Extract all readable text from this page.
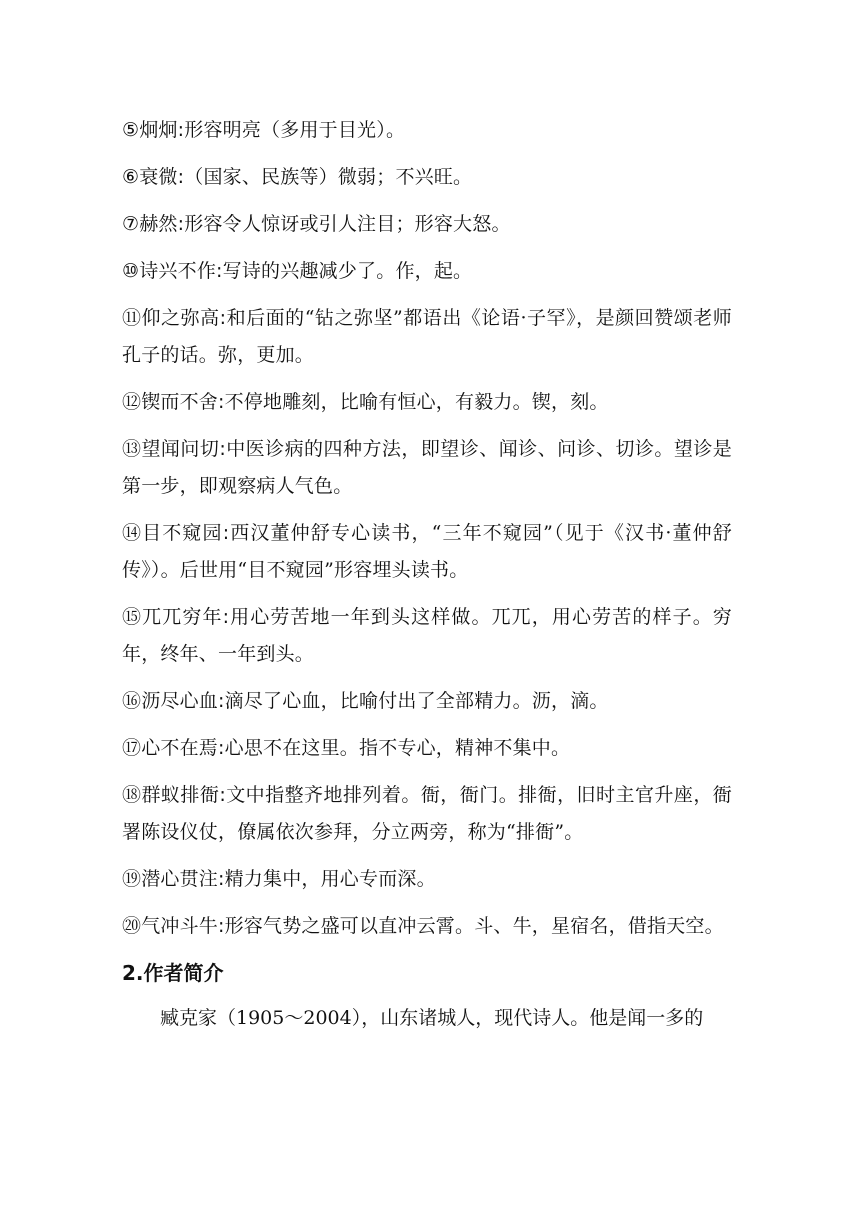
⑤炯炯:形容明亮（多用于目光）。

⑥衰微:（国家、民族等）微弱；不兴旺。

⑦赫然:形容令人惊讶或引人注目；形容大怒。

⑩诗兴不作:写诗的兴趣减少了。作，起。

⑪仰之弥高:和后面的“钻之弥坚”都语出《论语·子罕》，是颜回赞颂老师孔子的话。弥，更加。

⑫锲而不舍:不停地雕刻，比喻有恒心，有毅力。锲，刻。

⑬望闻问切:中医诊病的四种方法，即望诊、闻诊、问诊、切诊。望诊是第一步，即观察病人气色。

⑭目不窥园:西汉董仲舒专心读书，“三年不窥园”（见于《汉书·董仲舒传》）。后世用“目不窥园”形容埋头读书。

⑮兀兀穷年:用心劳苦地一年到头这样做。兀兀，用心劳苦的样子。穷年，终年、一年到头。

⑯沥尽心血:滴尽了心血，比喻付出了全部精力。沥，滴。

⑰心不在焉:心思不在这里。指不专心，精神不集中。

⑱群蚁排衙:文中指整齐地排列着。衙，衙门。排衙，旧时主官升座，衙署陈设仪仗，僚属依次参拜，分立两旁，称为“排衙”。

⑲潜心贯注:精力集中，用心专而深。

⑳气冲斗牛:形容气势之盛可以直冲云霄。斗、牛，星宿名，借指天空。

2.作者简介

臧克家（1905～2004），山东诸城人，现代诗人。他是闻一多的
